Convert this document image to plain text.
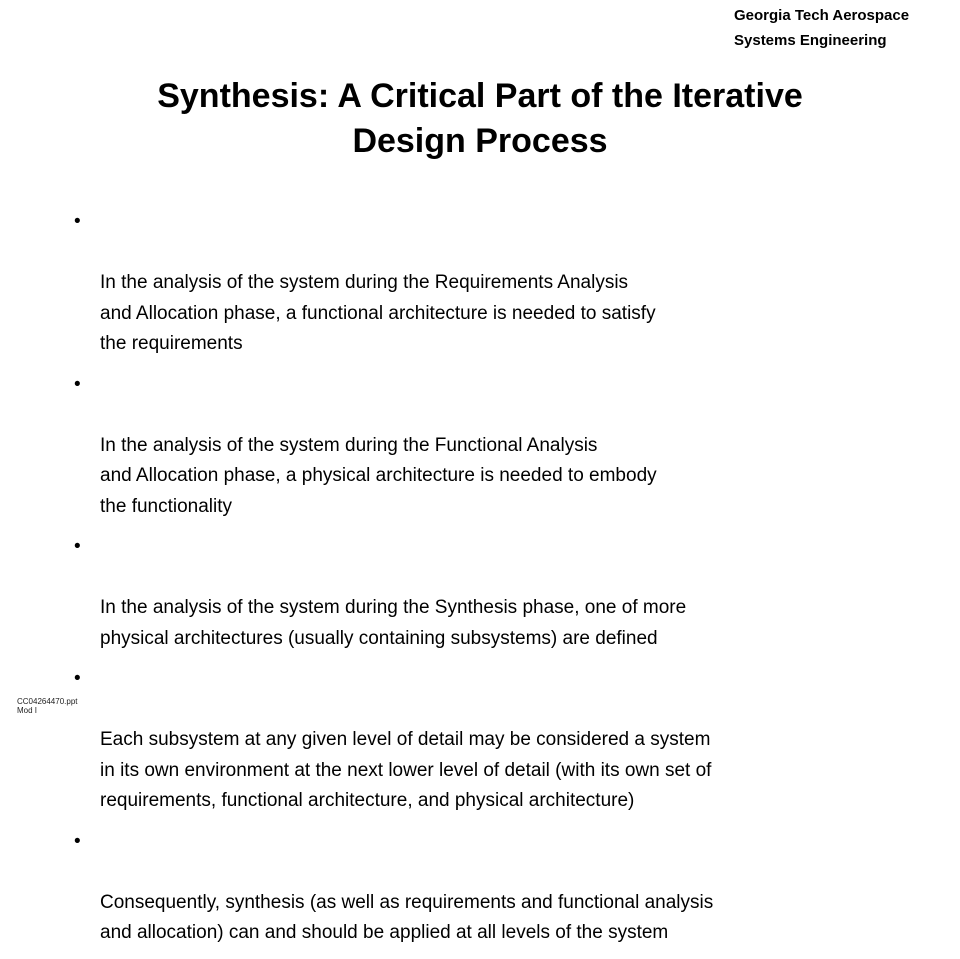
Georgia Tech Aerospace
Systems Engineering
Synthesis: A Critical Part of the Iterative
Design Process

•

In the analysis of the system during the Requirements Analysis
and Allocation phase, a functional architecture is needed to satisfy
the requirements

•

In the analysis of the system during the Functional Analysis
and Allocation phase, a physical architecture is needed to embody
the functionality

•

In the analysis of the system during the Synthesis phase, one of more
physical architectures (usually containing subsystems) are defined

•

Each subsystem at any given level of detail may be considered a system
in its own environment at the next lower level of detail (with its own set of
requirements, functional architecture, and physical architecture)

•

Consequently, synthesis (as well as requirements and functional analysis
and allocation) can and should be applied at all levels of the system

CC04264470.ppt
Mod I
